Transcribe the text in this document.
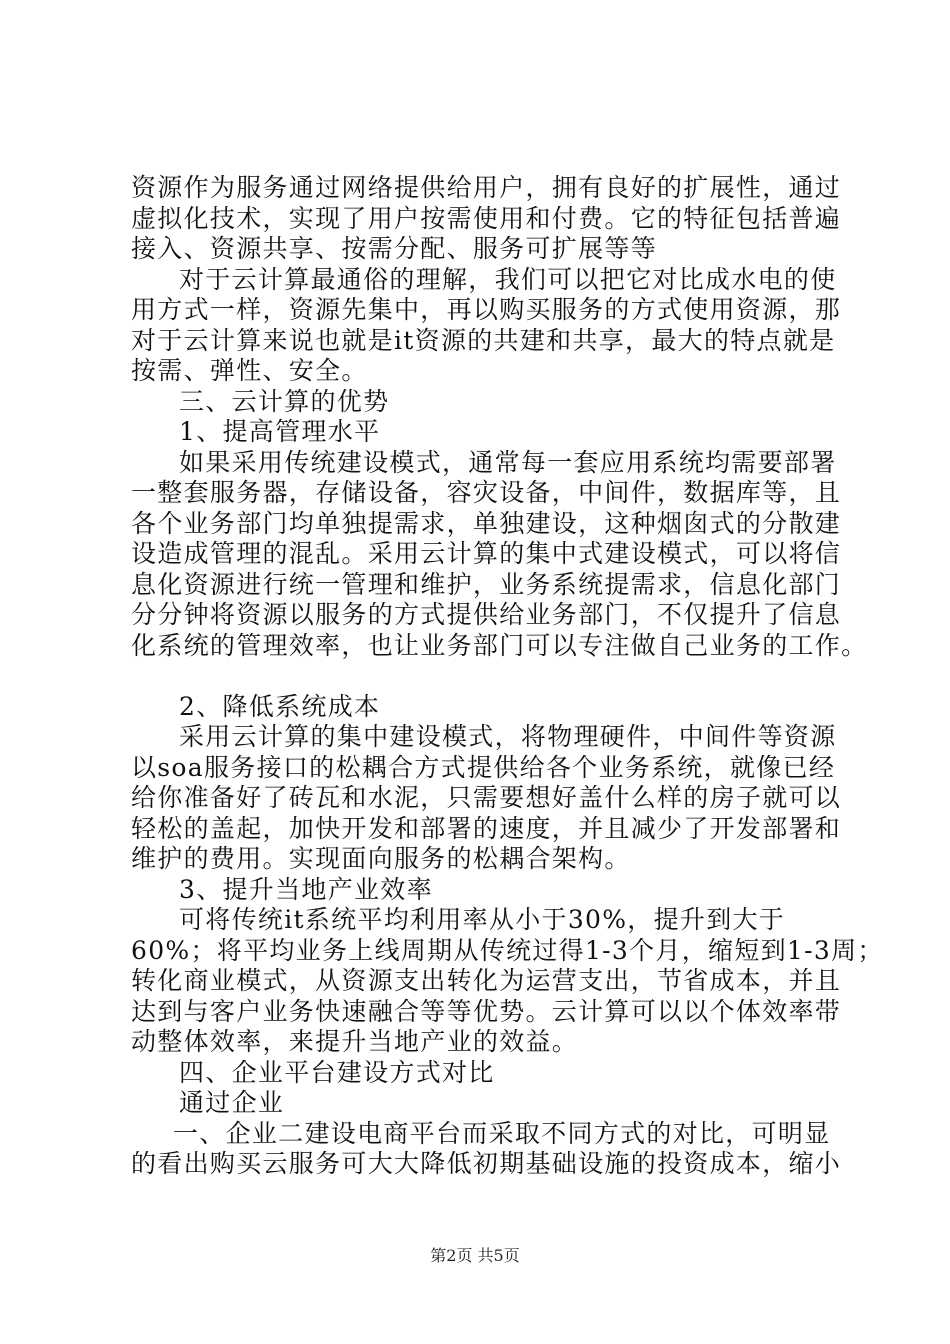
资源作为服务通过网络提供给用户，拥有良好的扩展性，通过
虚拟化技术，实现了用户按需使用和付费。它的特征包括普遍
接入、资源共享、按需分配、服务可扩展等等
对于云计算最通俗的理解，我们可以把它对比成水电的使
用方式一样，资源先集中，再以购买服务的方式使用资源，那
对于云计算来说也就是it资源的共建和共享，最大的特点就是
按需、弹性、安全。
三、云计算的优势
1、提高管理水平
如果采用传统建设模式，通常每一套应用系统均需要部署
一整套服务器，存储设备，容灾设备，中间件，数据库等，且
各个业务部门均单独提需求，单独建设，这种烟囱式的分散建
设造成管理的混乱。采用云计算的集中式建设模式，可以将信
息化资源进行统一管理和维护，业务系统提需求，信息化部门
分分钟将资源以服务的方式提供给业务部门，不仅提升了信息
化系统的管理效率，也让业务部门可以专注做自己业务的工作。
2、降低系统成本
采用云计算的集中建设模式，将物理硬件，中间件等资源
以soa服务接口的松耦合方式提供给各个业务系统，就像已经
给你准备好了砖瓦和水泥，只需要想好盖什么样的房子就可以
轻松的盖起，加快开发和部署的速度，并且减少了开发部署和
维护的费用。实现面向服务的松耦合架构。
3、提升当地产业效率
可将传统it系统平均利用率从小于30%，提升到大于
60%；将平均业务上线周期从传统过得1-3个月，缩短到1-3周；
转化商业模式，从资源支出转化为运营支出，节省成本，并且
达到与客户业务快速融合等等优势。云计算可以以个体效率带
动整体效率，来提升当地产业的效益。
四、企业平台建设方式对比
通过企业
一、企业二建设电商平台而采取不同方式的对比，可明显
的看出购买云服务可大大降低初期基础设施的投资成本，缩小
第2页 共5页
